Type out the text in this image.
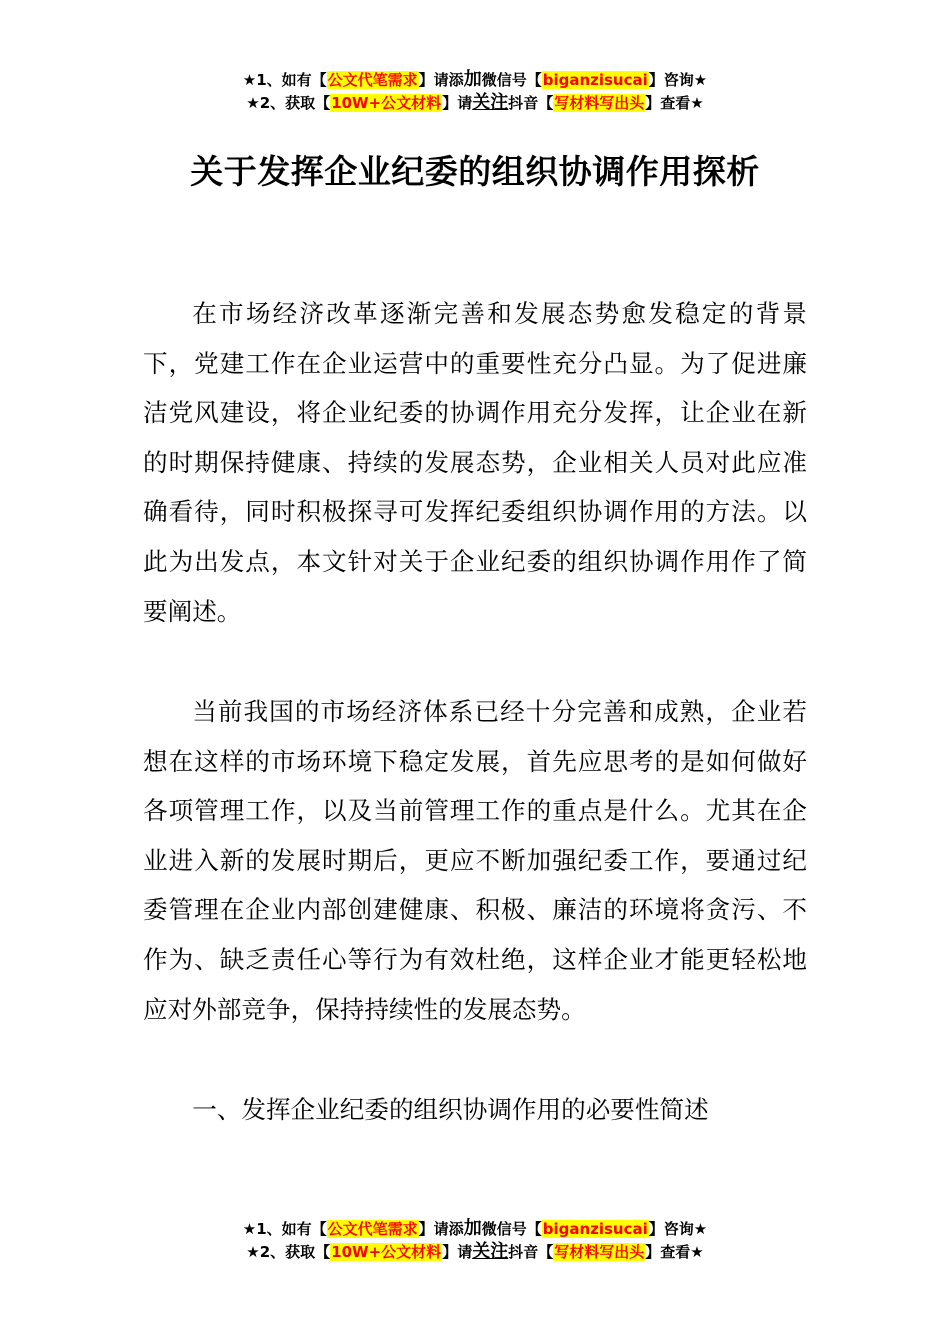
★1、如有【公文代笔需求】请添加微信号【biganzisucai】咨询★
★2、获取【10W+公文材料】请关注抖音【写材料写出头】查看★
关于发挥企业纪委的组织协调作用探析

在市场经济改革逐渐完善和发展态势愈发稳定的背景下，党建工作在企业运营中的重要性充分凸显。为了促进廉洁党风建设，将企业纪委的协调作用充分发挥，让企业在新的时期保持健康、持续的发展态势，企业相关人员对此应准确看待，同时积极探寻可发挥纪委组织协调作用的方法。以此为出发点，本文针对关于企业纪委的组织协调作用作了简要阐述。

当前我国的市场经济体系已经十分完善和成熟，企业若想在这样的市场环境下稳定发展，首先应思考的是如何做好各项管理工作，以及当前管理工作的重点是什么。尤其在企业进入新的发展时期后，更应不断加强纪委工作，要通过纪委管理在企业内部创建健康、积极、廉洁的环境将贪污、不作为、缺乏责任心等行为有效杜绝，这样企业才能更轻松地应对外部竞争，保持持续性的发展态势。

一、发挥企业纪委的组织协调作用的必要性简述

★1、如有【公文代笔需求】请添加微信号【biganzisucai】咨询★
★2、获取【10W+公文材料】请关注抖音【写材料写出头】查看★
